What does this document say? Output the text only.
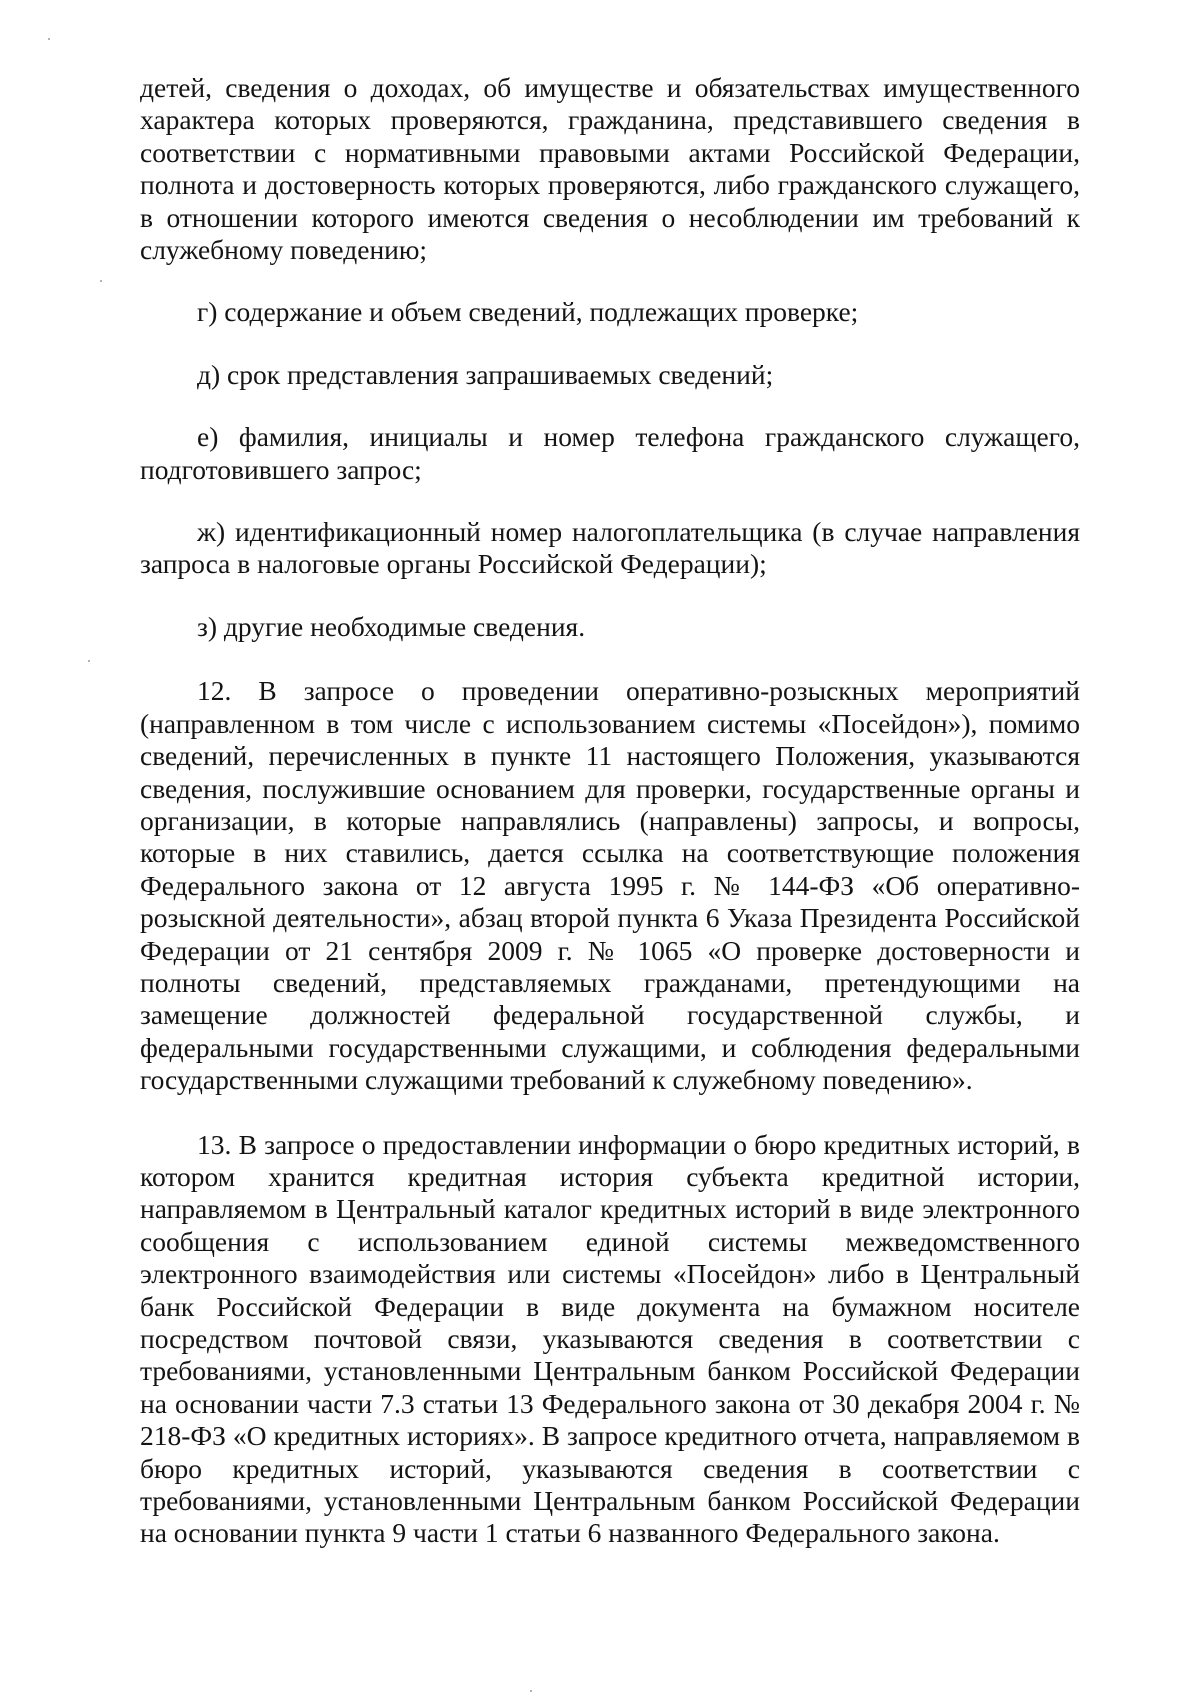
детей, сведения о доходах, об имуществе и обязательствах имущественного характера которых проверяются, гражданина, представившего сведения в соответствии с нормативными правовыми актами Российской Федерации, полнота и достоверность которых проверяются, либо гражданского служащего, в отношении которого имеются сведения о несоблюдении им требований к служебному поведению;

г) содержание и объем сведений, подлежащих проверке;

д) срок представления запрашиваемых сведений;

е) фамилия, инициалы и номер телефона гражданского служащего, подготовившего запрос;

ж) идентификационный номер налогоплательщика (в случае направления запроса в налоговые органы Российской Федерации);

з) другие необходимые сведения.

12. В запросе о проведении оперативно-розыскных мероприятий (направленном в том числе с использованием системы «Посейдон»), помимо сведений, перечисленных в пункте 11 настоящего Положения, указываются сведения, послужившие основанием для проверки, государственные органы и организации, в которые направлялись (направлены) запросы, и вопросы, которые в них ставились, дается ссылка на соответствующие положения Федерального закона от 12 августа 1995 г. № 144-ФЗ «Об оперативно-розыскной деятельности», абзац второй пункта 6 Указа Президента Российской Федерации от 21 сентября 2009 г. № 1065 «О проверке достоверности и полноты сведений, представляемых гражданами, претендующими на замещение должностей федеральной государственной службы, и федеральными государственными служащими, и соблюдения федеральными государственными служащими требований к служебному поведению».

13. В запросе о предоставлении информации о бюро кредитных историй, в котором хранится кредитная история субъекта кредитной истории, направляемом в Центральный каталог кредитных историй в виде электронного сообщения с использованием единой системы межведомственного электронного взаимодействия или системы «Посейдон» либо в Центральный банк Российской Федерации в виде документа на бумажном носителе посредством почтовой связи, указываются сведения в соответствии с требованиями, установленными Центральным банком Российской Федерации на основании части 7.3 статьи 13 Федерального закона от 30 декабря 2004 г. № 218-ФЗ «О кредитных историях». В запросе кредитного отчета, направляемом в бюро кредитных историй, указываются сведения в соответствии с требованиями, установленными Центральным банком Российской Федерации на основании пункта 9 части 1 статьи 6 названного Федерального закона.
